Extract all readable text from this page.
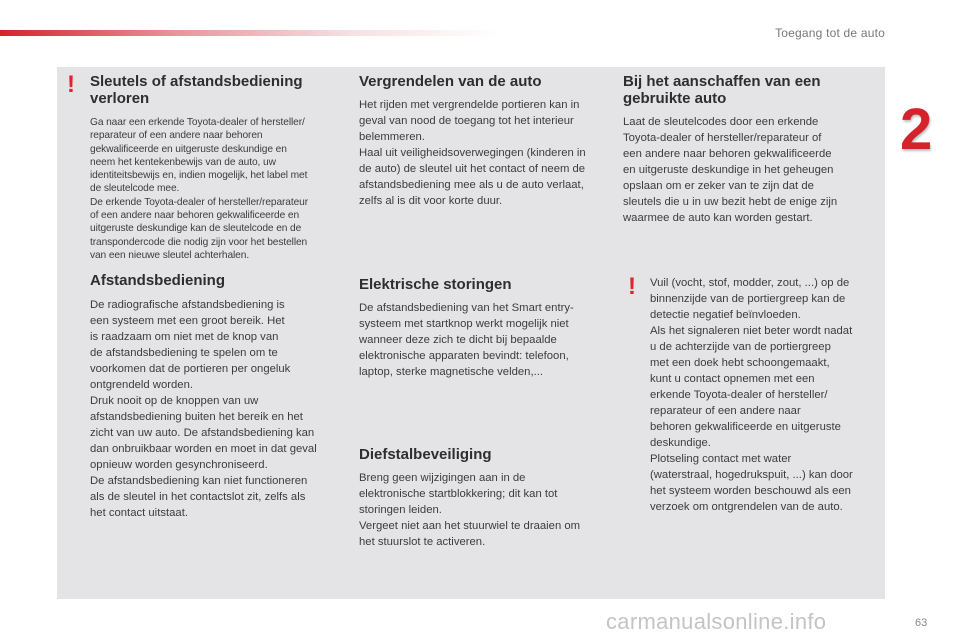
Toegang tot de auto
2
! Sleutels of afstandsbediening verloren

Ga naar een erkende Toyota-dealer of hersteller/
reparateur of een andere naar behoren
gekwalificeerde en uitgeruste deskundige en
neem het kentekenbewijs van de auto, uw
identiteitsbewijs en, indien mogelijk, het label met
de sleutelcode mee.
De erkende Toyota-dealer of hersteller/reparateur
of een andere naar behoren gekwalificeerde en
uitgeruste deskundige kan de sleutelcode en de
transpondercode die nodig zijn voor het bestellen
van een nieuwe sleutel achterhalen.

Afstandsbediening

De radiografische afstandsbediening is
een systeem met een groot bereik. Het
is raadzaam om niet met de knop van
de afstandsbediening te spelen om te
voorkomen dat de portieren per ongeluk
ontgrendeld worden.
Druk nooit op de knoppen van uw
afstandsbediening buiten het bereik en het
zicht van uw auto. De afstandsbediening kan
dan onbruikbaar worden en moet in dat geval
opnieuw worden gesynchroniseerd.
De afstandsbediening kan niet functioneren
als de sleutel in het contactslot zit, zelfs als
het contact uitstaat.

Vergrendelen van de auto

Het rijden met vergrendelde portieren kan in
geval van nood de toegang tot het interieur
belemmeren.
Haal uit veiligheidsoverwegingen (kinderen in
de auto) de sleutel uit het contact of neem de
afstandsbediening mee als u de auto verlaat,
zelfs al is dit voor korte duur.

Elektrische storingen

De afstandsbediening van het Smart entry-
systeem met startknop werkt mogelijk niet
wanneer deze zich te dicht bij bepaalde
elektronische apparaten bevindt: telefoon,
laptop, sterke magnetische velden,...

Diefstalbeveiliging

Breng geen wijzigingen aan in de
elektronische startblokkering; dit kan tot
storingen leiden.
Vergeet niet aan het stuurwiel te draaien om
het stuurslot te activeren.

Bij het aanschaffen van een gebruikte auto

Laat de sleutelcodes door een erkende
Toyota-dealer of hersteller/reparateur of
een andere naar behoren gekwalificeerde
en uitgeruste deskundige in het geheugen
opslaan om er zeker van te zijn dat de
sleutels die u in uw bezit hebt de enige zijn
waarmee de auto kan worden gestart.

! Vuil (vocht, stof, modder, zout, ...) op de
binnenzijde van de portiergreep kan de
detectie negatief beïnvloeden.
Als het signaleren niet beter wordt nadat
u de achterzijde van de portiergreep
met een doek hebt schoongemaakt,
kunt u contact opnemen met een
erkende Toyota-dealer of hersteller/
reparateur of een andere naar
behoren gekwalificeerde en uitgeruste
deskundige.
Plotseling contact met water
(waterstraal, hogedrukspuit, ...) kan door
het systeem worden beschouwd als een
verzoek om ontgrendelen van de auto.

carmanualsonline.info	63
